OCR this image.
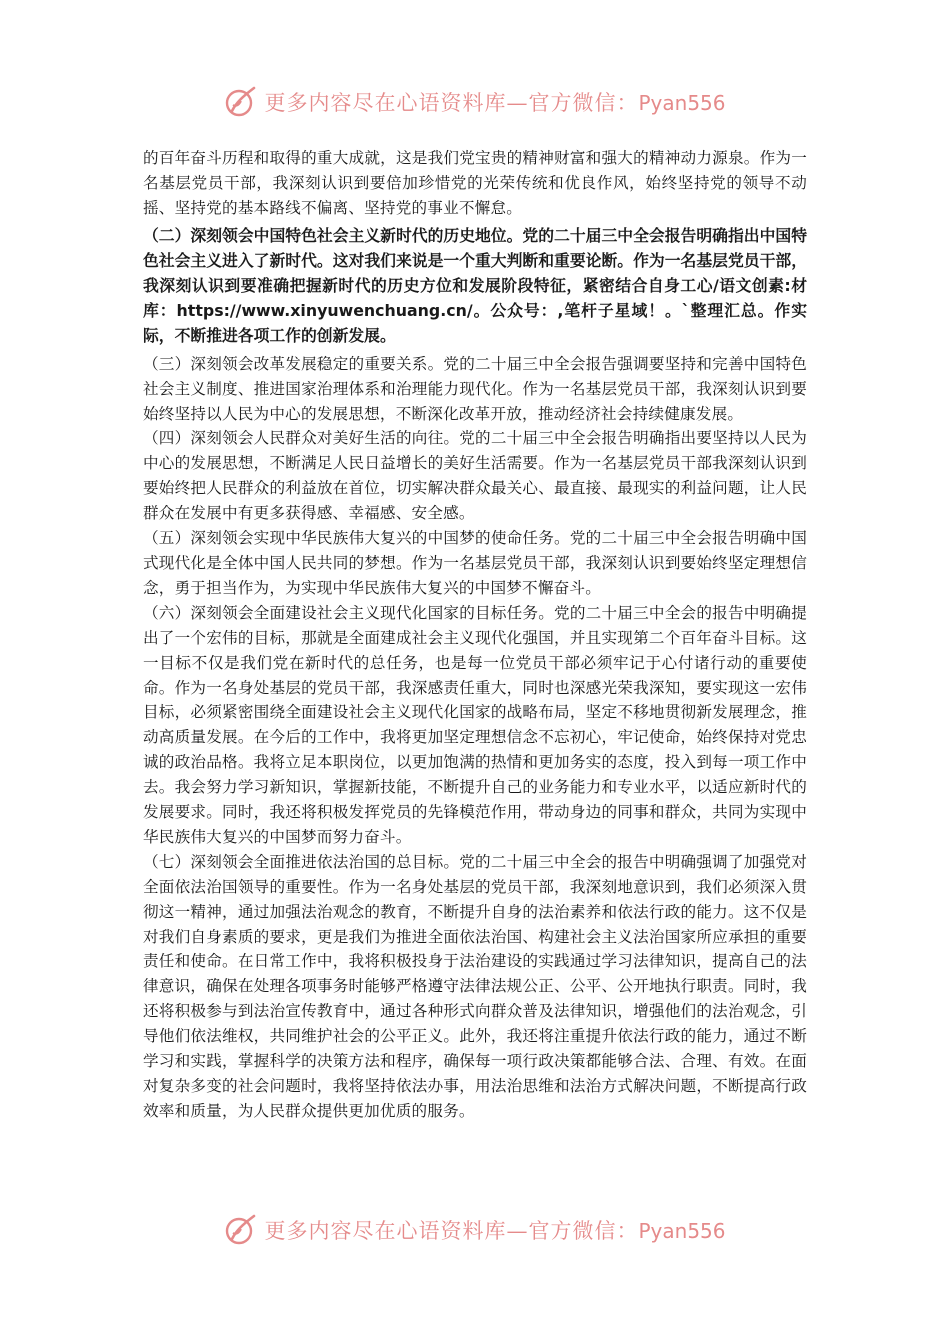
更多内容尽在心语资料库—官方微信：Pyan556

的百年奋斗历程和取得的重大成就，这是我们党宝贵的精神财富和强大的精神动力源泉。作为一名基层党员干部，我深刻认识到要倍加珍惜党的光荣传统和优良作风，始终坚持党的领导不动摇、坚持党的基本路线不偏离、坚持党的事业不懈怠。

（二）深刻领会中国特色社会主义新时代的历史地位。党的二十届三中全会报告明确指出中国特色社会主义进入了新时代。这对我们来说是一个重大判断和重要论断。作为一名基层党员干部，我深刻认识到要准确把握新时代的历史方位和发展阶段特征，紧密结合自身工心/语文创素:材库：https://www.xinyuwenchuang.cn/。公众号：,笔杆子星域！。`整理汇总。作实际，不断推进各项工作的创新发展。

（三）深刻领会改革发展稳定的重要关系。党的二十届三中全会报告强调要坚持和完善中国特色社会主义制度、推进国家治理体系和治理能力现代化。作为一名基层党员干部，我深刻认识到要始终坚持以人民为中心的发展思想，不断深化改革开放，推动经济社会持续健康发展。

（四）深刻领会人民群众对美好生活的向往。党的二十届三中全会报告明确指出要坚持以人民为中心的发展思想，不断满足人民日益增长的美好生活需要。作为一名基层党员干部我深刻认识到要始终把人民群众的利益放在首位，切实解决群众最关心、最直接、最现实的利益问题，让人民群众在发展中有更多获得感、幸福感、安全感。

（五）深刻领会实现中华民族伟大复兴的中国梦的使命任务。党的二十届三中全会报告明确中国式现代化是全体中国人民共同的梦想。作为一名基层党员干部，我深刻认识到要始终坚定理想信念，勇于担当作为，为实现中华民族伟大复兴的中国梦不懈奋斗。

（六）深刻领会全面建设社会主义现代化国家的目标任务。党的二十届三中全会的报告中明确提出了一个宏伟的目标，那就是全面建成社会主义现代化强国，并且实现第二个百年奋斗目标。这一目标不仅是我们党在新时代的总任务，也是每一位党员干部必须牢记于心付诸行动的重要使命。作为一名身处基层的党员干部，我深感责任重大，同时也深感光荣我深知，要实现这一宏伟目标，必须紧密围绕全面建设社会主义现代化国家的战略布局，坚定不移地贯彻新发展理念，推动高质量发展。在今后的工作中，我将更加坚定理想信念不忘初心，牢记使命，始终保持对党忠诚的政治品格。我将立足本职岗位，以更加饱满的热情和更加务实的态度，投入到每一项工作中去。我会努力学习新知识，掌握新技能，不断提升自己的业务能力和专业水平，以适应新时代的发展要求。同时，我还将积极发挥党员的先锋模范作用，带动身边的同事和群众，共同为实现中华民族伟大复兴的中国梦而努力奋斗。

（七）深刻领会全面推进依法治国的总目标。党的二十届三中全会的报告中明确强调了加强党对全面依法治国领导的重要性。作为一名身处基层的党员干部，我深刻地意识到，我们必须深入贯彻这一精神，通过加强法治观念的教育，不断提升自身的法治素养和依法行政的能力。这不仅是对我们自身素质的要求，更是我们为推进全面依法治国、构建社会主义法治国家所应承担的重要责任和使命。在日常工作中，我将积极投身于法治建设的实践通过学习法律知识，提高自己的法律意识，确保在处理各项事务时能够严格遵守法律法规公正、公平、公开地执行职责。同时，我还将积极参与到法治宣传教育中，通过各种形式向群众普及法律知识，增强他们的法治观念，引导他们依法维权，共同维护社会的公平正义。此外，我还将注重提升依法行政的能力，通过不断学习和实践，掌握科学的决策方法和程序，确保每一项行政决策都能够合法、合理、有效。在面对复杂多变的社会问题时，我将坚持依法办事，用法治思维和法治方式解决问题，不断提高行政效率和质量，为人民群众提供更加优质的服务。

更多内容尽在心语资料库—官方微信：Pyan556
